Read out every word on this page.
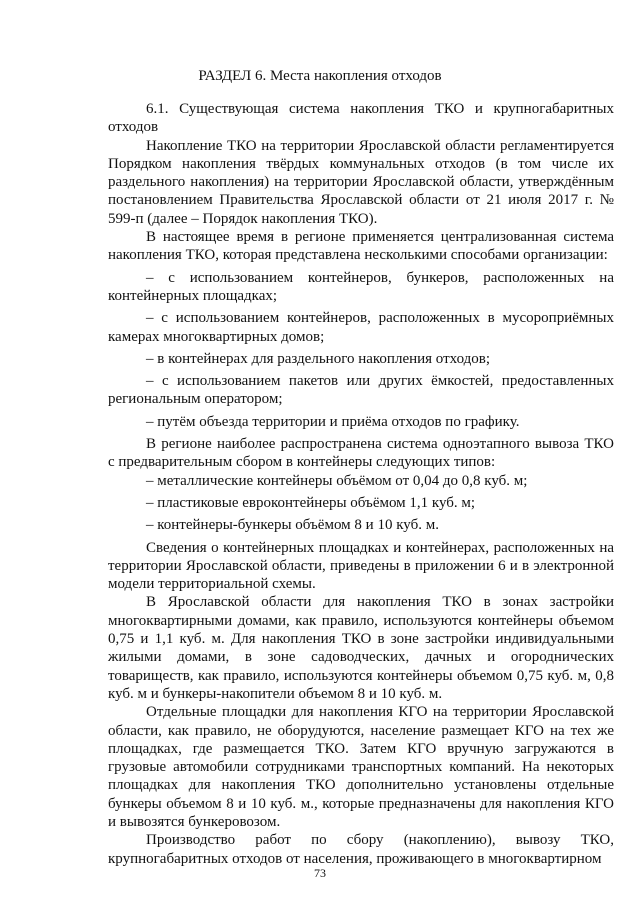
РАЗДЕЛ 6. Места накопления отходов

6.1. Существующая система накопления ТКО и крупногабаритных отходов

Накопление ТКО на территории Ярославской области регламентируется Порядком накопления твёрдых коммунальных отходов (в том числе их раздельного накопления) на территории Ярославской области, утверждённым постановлением Правительства Ярославской области от 21 июля 2017 г. № 599-п (далее – Порядок накопления ТКО).

В настоящее время в регионе применяется централизованная система накопления ТКО, которая представлена несколькими способами организации:

– с использованием контейнеров, бункеров, расположенных на контейнерных площадках;

– с использованием контейнеров, расположенных в мусороприёмных камерах многоквартирных домов;

– в контейнерах для раздельного накопления отходов;

– с использованием пакетов или других ёмкостей, предоставленных региональным оператором;

– путём объезда территории и приёма отходов по графику.

В регионе наиболее распространена система одноэтапного вывоза ТКО с предварительным сбором в контейнеры следующих типов:

– металлические контейнеры объёмом от 0,04 до 0,8 куб. м;

– пластиковые евроконтейнеры объёмом 1,1 куб. м;

– контейнеры-бункеры объёмом 8 и 10 куб. м.

Сведения о контейнерных площадках и контейнерах, расположенных на территории Ярославской области, приведены в приложении 6 и в электронной модели территориальной схемы.

В Ярославской области для накопления ТКО в зонах застройки многоквартирными домами, как правило, используются контейнеры объемом 0,75 и 1,1 куб. м. Для накопления ТКО в зоне застройки индивидуальными жилыми домами, в зоне садоводческих, дачных и огороднических товариществ, как правило, используются контейнеры объемом 0,75 куб. м, 0,8 куб. м и бункеры-накопители объемом 8 и 10 куб. м.

Отдельные площадки для накопления КГО на территории Ярославской области, как правило, не оборудуются, население размещает КГО на тех же площадках, где размещается ТКО. Затем КГО вручную загружаются в грузовые автомобили сотрудниками транспортных компаний. На некоторых площадках для накопления ТКО дополнительно установлены отдельные бункеры объемом 8 и 10 куб. м., которые предназначены для накопления КГО и вывозятся бункеровозом.

Производство работ по сбору (накоплению), вывозу ТКО, крупногабаритных отходов от населения, проживающего в многоквартирном

73
